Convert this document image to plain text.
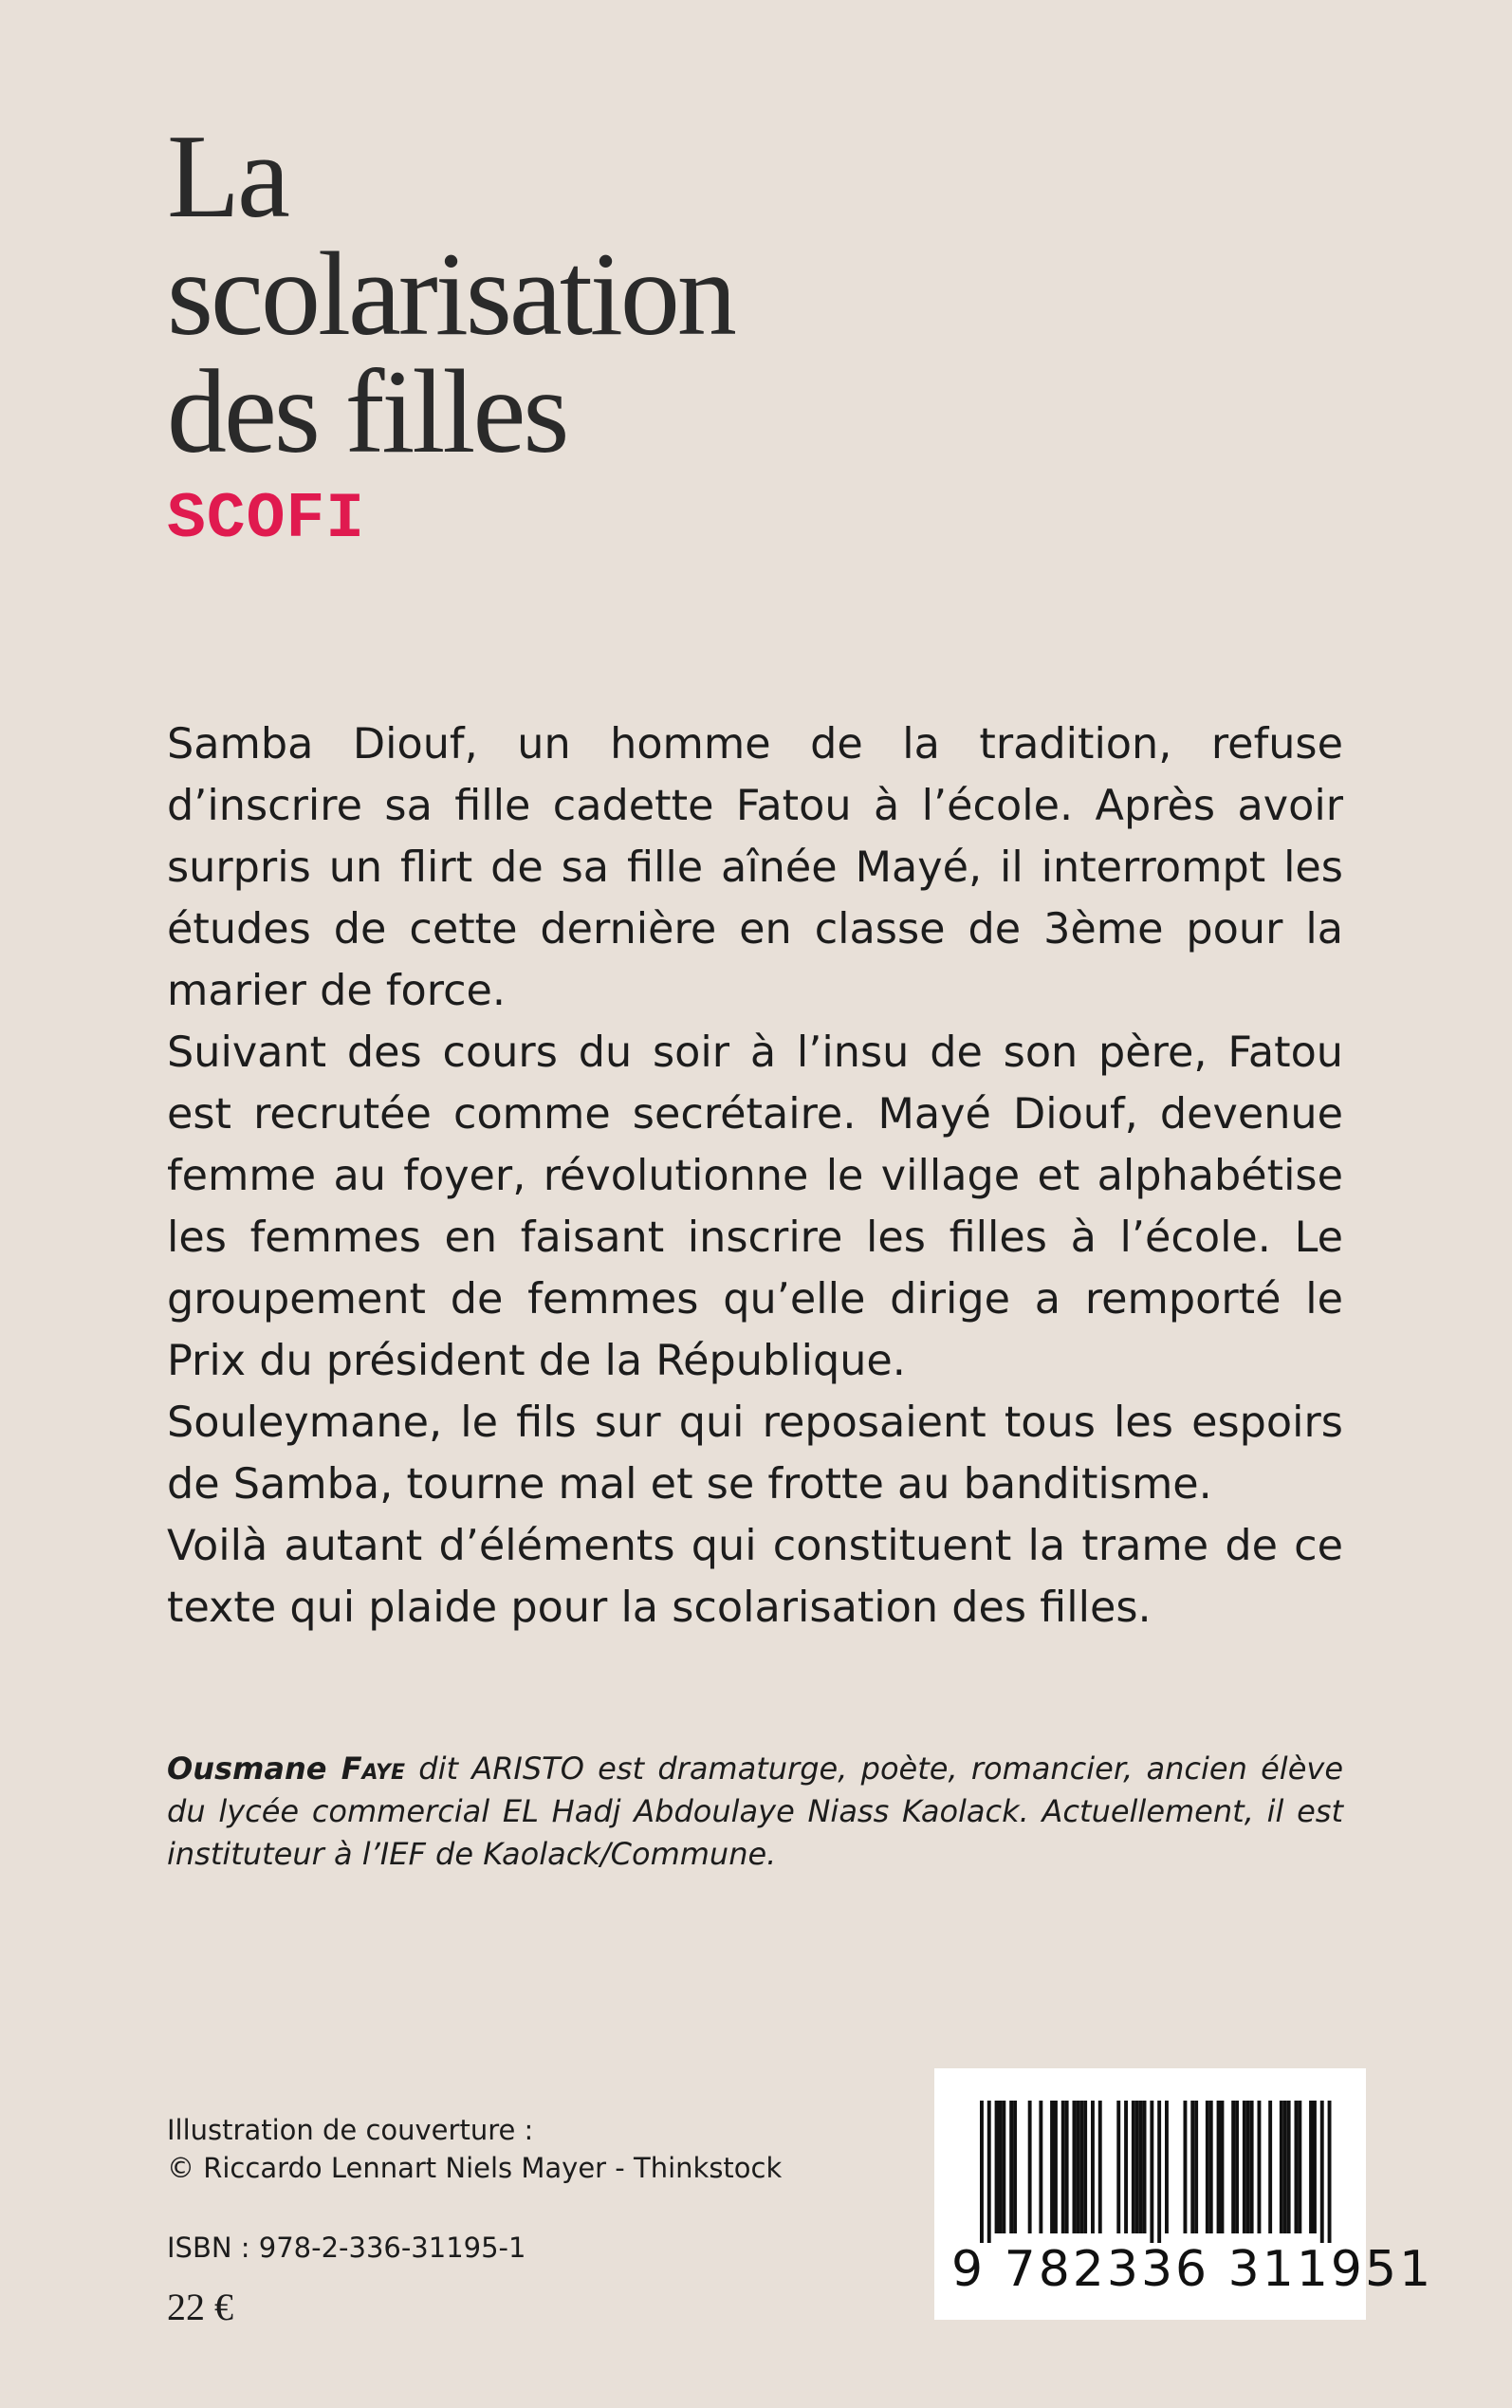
La
scolarisation
des filles
SCOFI

Samba Diouf, un homme de la tradition, refuse d’inscrire sa fille cadette Fatou à l’école. Après avoir surpris un flirt de sa fille aînée Mayé, il interrompt les études de cette dernière en classe de 3ème pour la marier de force.

Suivant des cours du soir à l’insu de son père, Fatou est recrutée comme secrétaire. Mayé Diouf, devenue femme au foyer, révolutionne le village et alphabétise les femmes en faisant inscrire les filles à l’école. Le groupement de femmes qu’elle dirige a remporté le Prix du président de la République.

Souleymane, le fils sur qui reposaient tous les espoirs de Samba, tourne mal et se frotte au banditisme.

Voilà autant d’éléments qui constituent la trame de ce texte qui plaide pour la scolarisation des filles.

Ousmane Faye dit ARISTO est dramaturge, poète, romancier, ancien élève du lycée commercial EL Hadj Abdoulaye Niass Kaolack. Actuellement, il est instituteur à l’IEF de Kaolack/Commune.

Illustration de couverture :
© Riccardo Lennart Niels Mayer - Thinkstock
ISBN : 978-2-336-31195-1
22 €
9 782336 311951
